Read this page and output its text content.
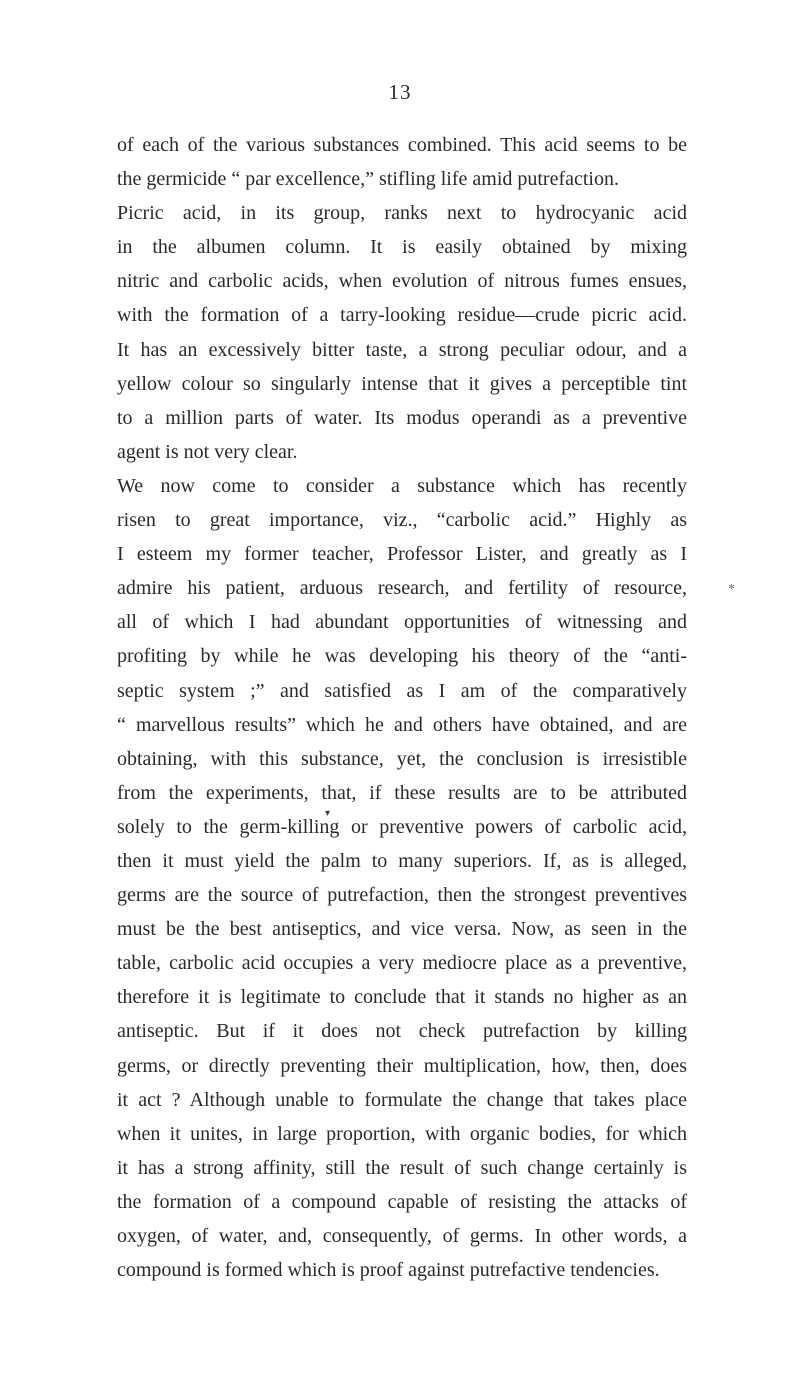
13
*
▾

of each of the various substances combined. This acid seems to be
the germicide “ par excellence,” stifling life amid putrefaction.

Picric acid, in its group, ranks next to hydrocyanic acid
in the albumen column. It is easily obtained by mixing
nitric and carbolic acids, when evolution of nitrous fumes ensues,
with the formation of a tarry-looking residue—crude picric acid.
It has an excessively bitter taste, a strong peculiar odour, and a
yellow colour so singularly intense that it gives a perceptible tint
to a million parts of water. Its modus operandi as a preventive
agent is not very clear.

We now come to consider a substance which has recently
risen to great importance, viz., “carbolic acid.” Highly as
I esteem my former teacher, Professor Lister, and greatly as I
admire his patient, arduous research, and fertility of resource,
all of which I had abundant opportunities of witnessing and
profiting by while he was developing his theory of the “anti-
septic system ;” and satisfied as I am of the comparatively
“ marvellous results” which he and others have obtained, and are
obtaining, with this substance, yet, the conclusion is irresistible
from the experiments, that, if these results are to be attributed
solely to the germ-killing or preventive powers of carbolic acid,
then it must yield the palm to many superiors. If, as is alleged,
germs are the source of putrefaction, then the strongest preventives
must be the best antiseptics, and vice versa. Now, as seen in the
table, carbolic acid occupies a very mediocre place as a preventive,
therefore it is legitimate to conclude that it stands no higher as an
antiseptic. But if it does not check putrefaction by killing
germs, or directly preventing their multiplication, how, then, does
it act ? Although unable to formulate the change that takes place
when it unites, in large proportion, with organic bodies, for which
it has a strong affinity, still the result of such change certainly is
the formation of a compound capable of resisting the attacks of
oxygen, of water, and, consequently, of germs. In other words, a
compound is formed which is proof against putrefactive tendencies.
